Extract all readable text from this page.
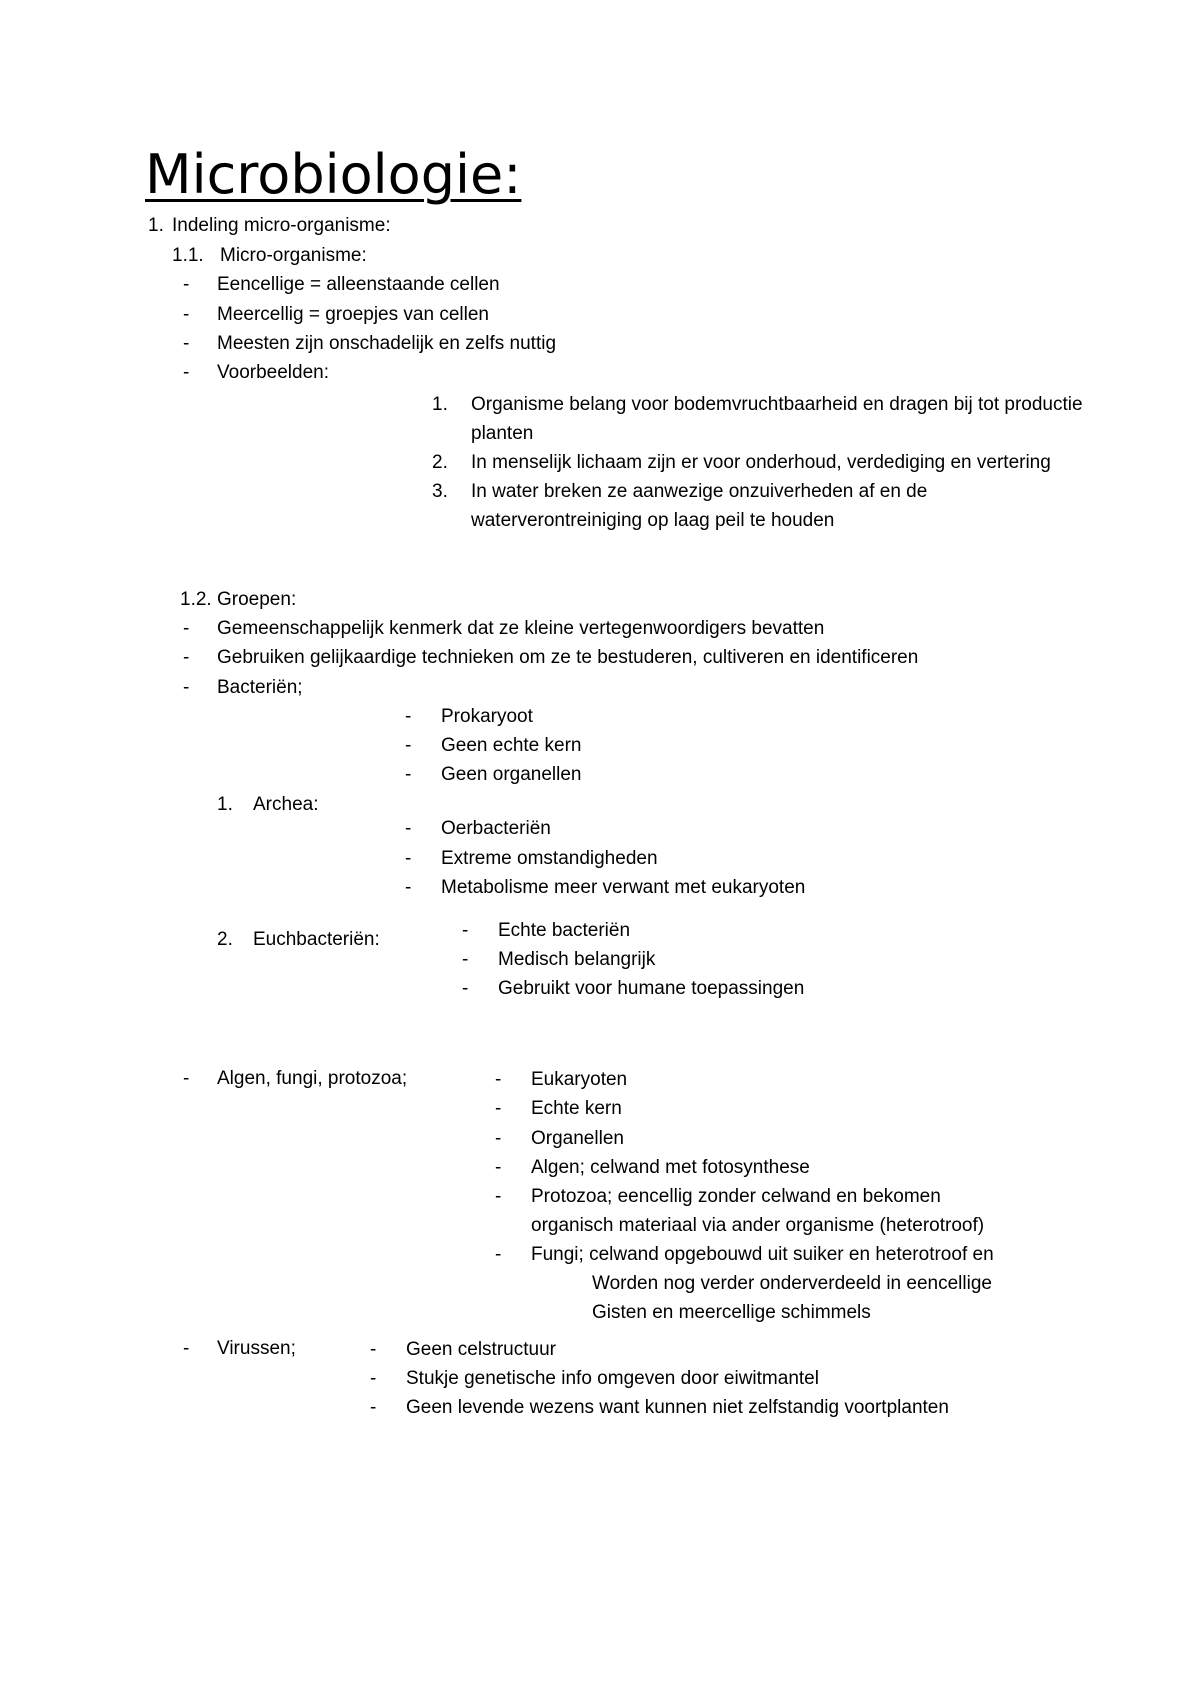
Microbiologie:
1. Indeling micro-organisme:
1.1. Micro-organisme:
- Eencellige = alleenstaande cellen
- Meercellig = groepjes van cellen
- Meesten zijn onschadelijk en zelfs nuttig
- Voorbeelden:
1. Organisme belang voor bodemvruchtbaarheid en dragen bij tot productie
planten
2. In menselijk lichaam zijn er voor onderhoud, verdediging en vertering
3. In water breken ze aanwezige onzuiverheden af en de
waterverontreiniging op laag peil te houden
1.2. Groepen:
- Gemeenschappelijk kenmerk dat ze kleine vertegenwoordigers bevatten
- Gebruiken gelijkaardige technieken om ze te bestuderen, cultiveren en identificeren
- Bacteriën;
- Prokaryoot
- Geen echte kern
- Geen organellen
1. Archea:
- Oerbacteriën
- Extreme omstandigheden
- Metabolisme meer verwant met eukaryoten
2. Euchbacteriën:	- Echte bacteriën
- Medisch belangrijk
- Gebruikt voor humane toepassingen
- Algen, fungi, protozoa;	- Eukaryoten
- Echte kern
- Organellen
- Algen; celwand met fotosynthese
- Protozoa; eencellig zonder celwand en bekomen
organisch materiaal via ander organisme (heterotroof)
- Fungi; celwand opgebouwd uit suiker en heterotroof en
Worden nog verder onderverdeeld in eencellige
Gisten en meercellige schimmels
- Virussen;	- Geen celstructuur
- Stukje genetische info omgeven door eiwitmantel
- Geen levende wezens want kunnen niet zelfstandig voortplanten
